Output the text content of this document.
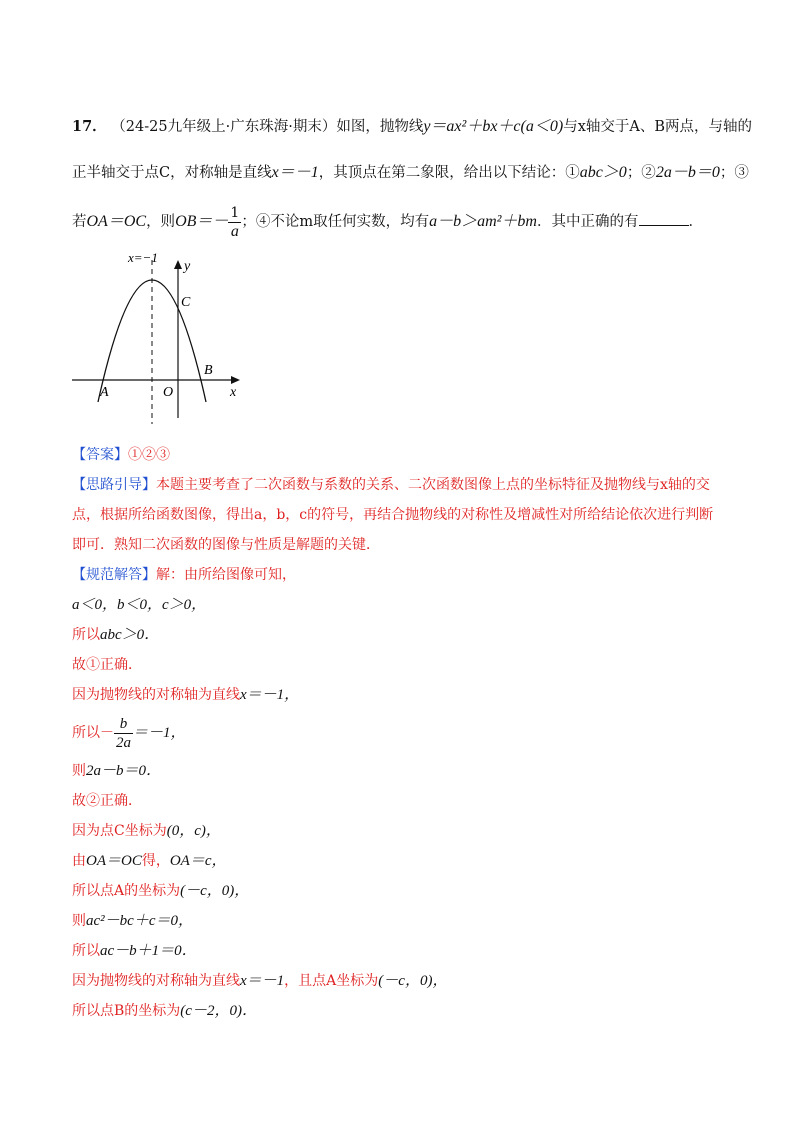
17． （24-25九年级上·广东珠海·期末）如图，抛物线y＝ax²＋bx＋c(a＜0)与x轴交于A、B两点，与轴的
正半轴交于点C，对称轴是直线x＝－1，其顶点在第二象限，给出以下结论：①abc＞0；②2a－b＝0；③
若OA＝OC，则$OB=- \frac{1}{a}$ ；④不论m取任何实数，均有a－b＞am²＋bm．其中正确的有	．
x=−1
y
x
A
B
C
O
【答案】①②③
【思路引导】本题主要考查了二次函数与系数的关系、二次函数图像上点的坐标特征及抛物线与x轴的交
点，根据所给函数图像，得出a，b，c的符号，再结合抛物线的对称性及增减性对所给结论依次进行判断
即可．熟知二次函数的图像与性质是解题的关键．
【规范解答】解：由所给图像可知，
a＜0，b＜0，c＞0，
所以abc＞0．
故①正确．
因为抛物线的对称轴为直线x＝－1，
所以－ $\frac{b}{2a} =-1$，
则2a－b＝0．
故②正确．
因为点C坐标为(0，c)，
由OA＝OC得，OA＝c，
所以点A的坐标为(－c，0)，
则ac²－bc＋c＝0，
所以ac－b＋1＝0．
因为抛物线的对称轴为直线x＝－1，且点A坐标为(－c，0)，
所以点B的坐标为(c－2，0)．
